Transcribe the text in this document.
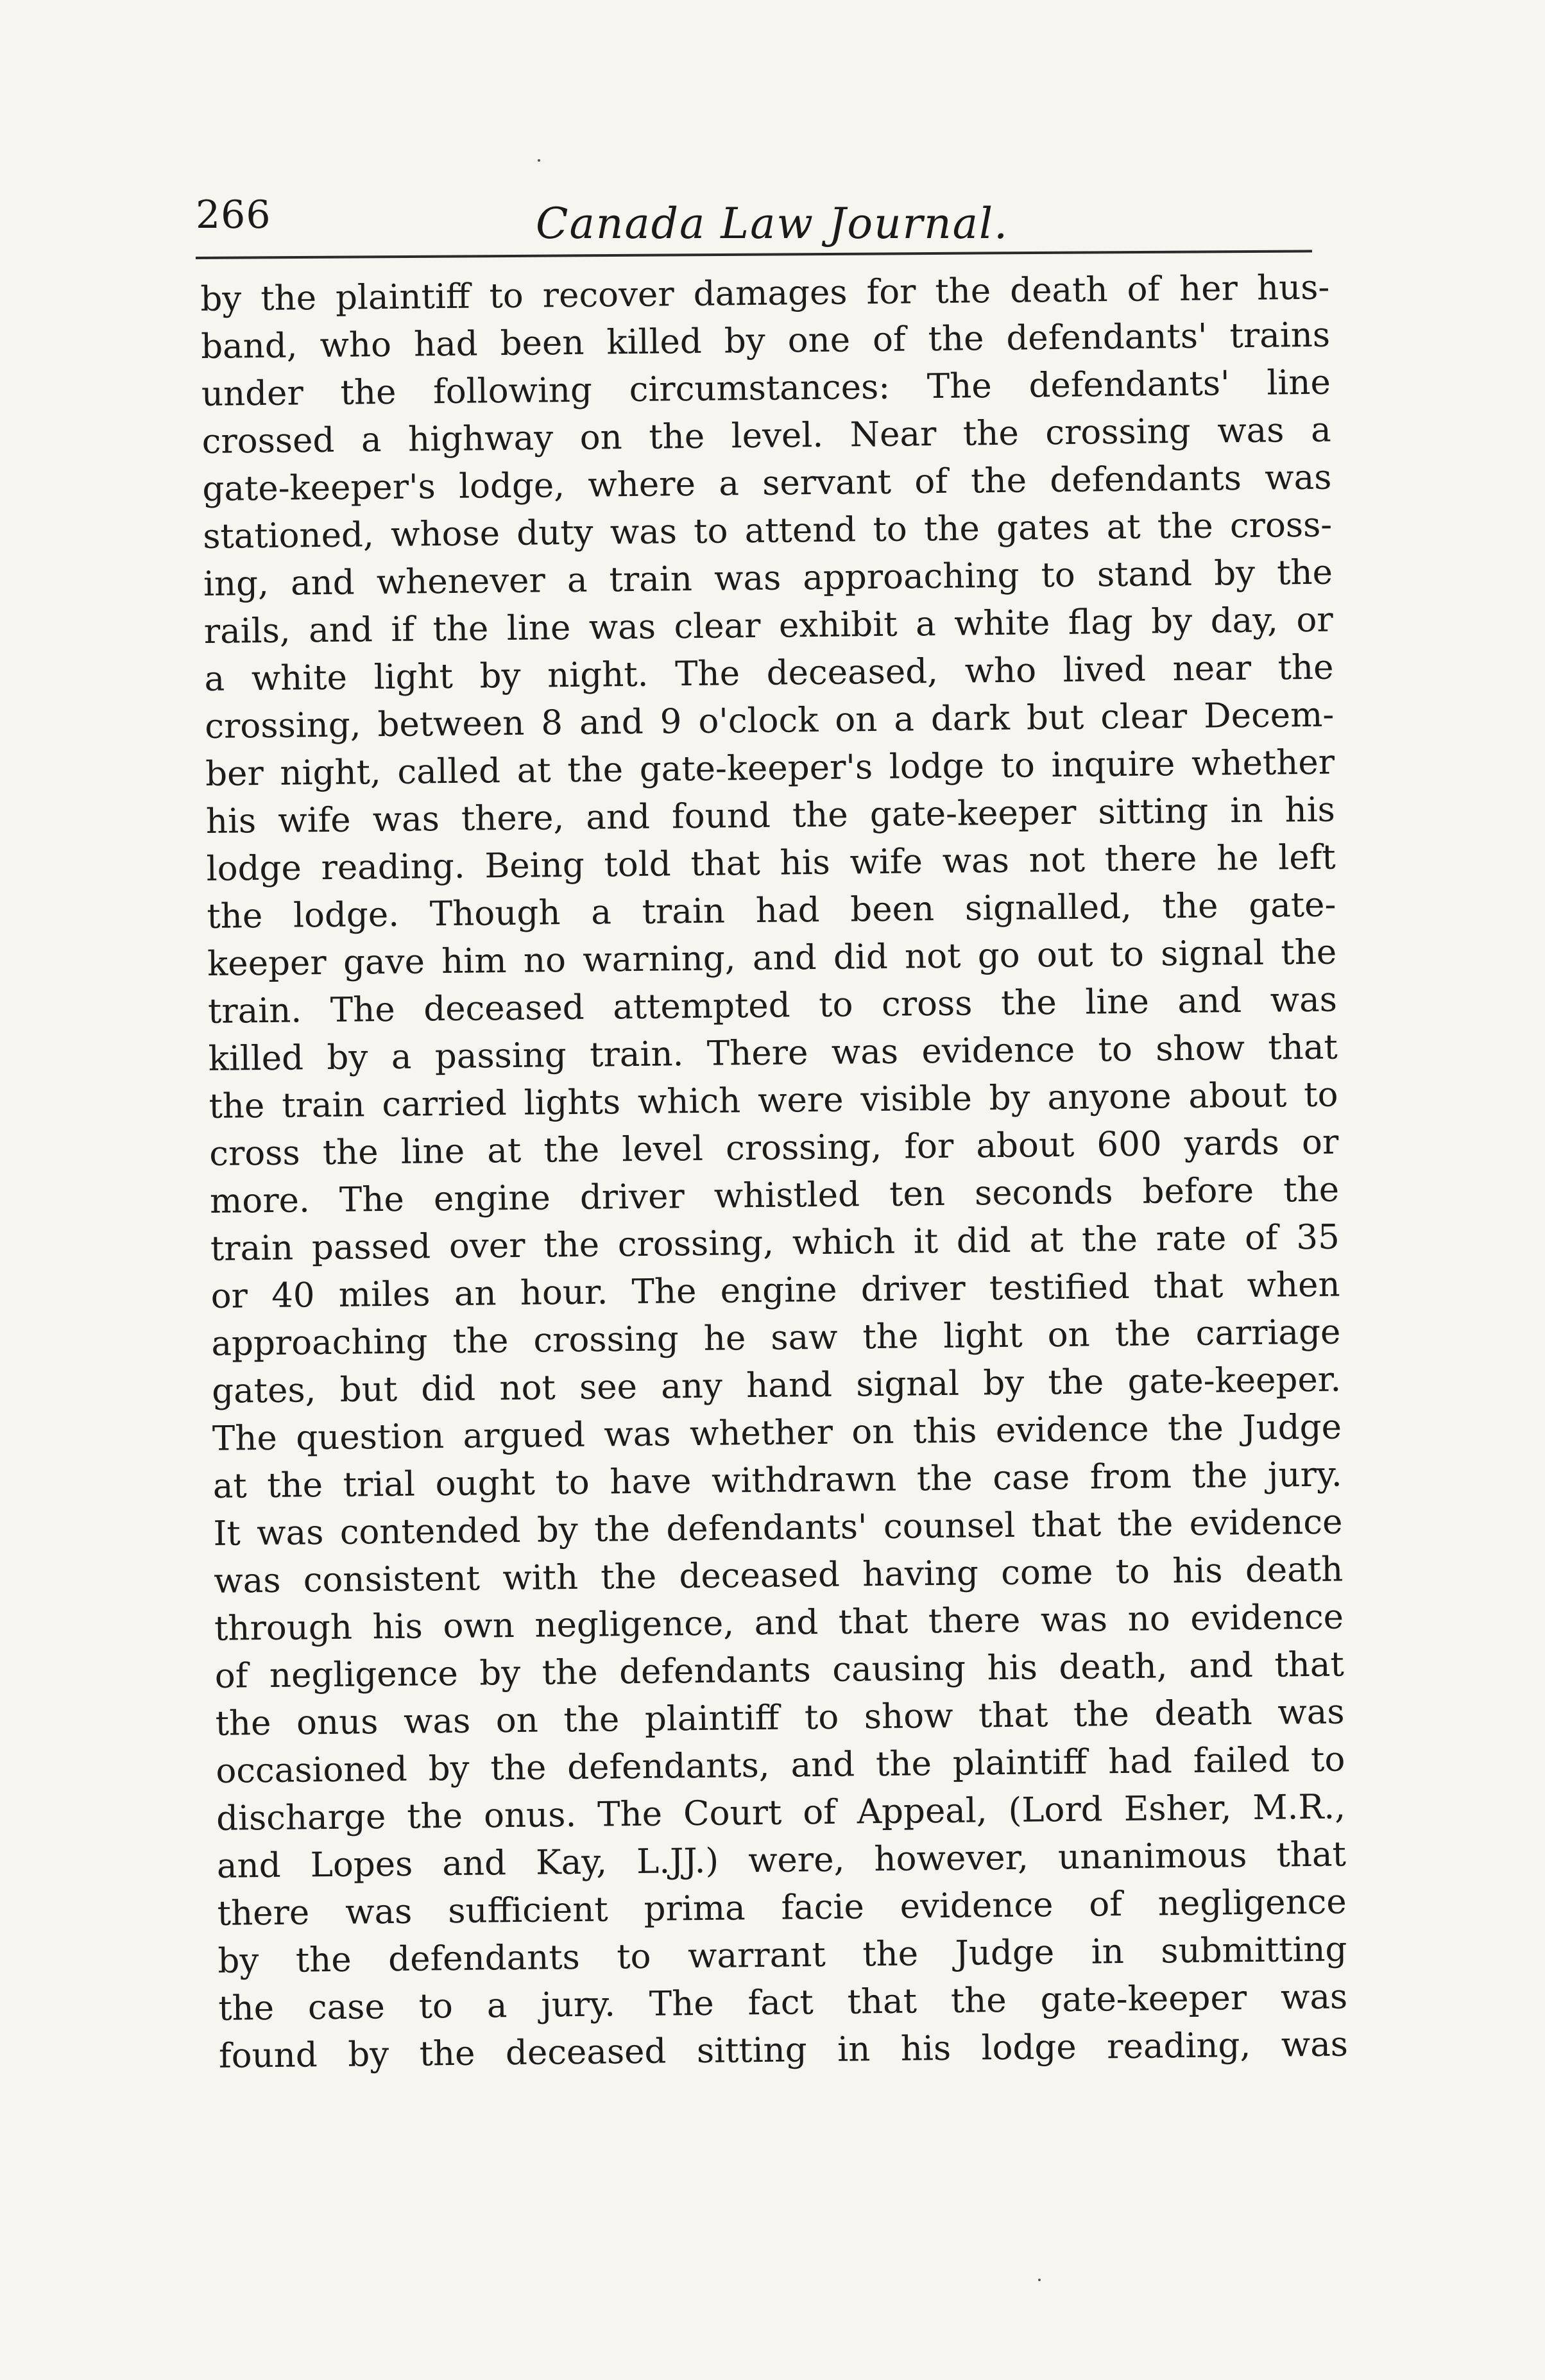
266	Canada Law Journal.
by the plaintiff to recover damages for the death of her hus-
band, who had been killed by one of the defendants' trains
under the following circumstances: The defendants' line
crossed a highway on the level. Near the crossing was a
gate-keeper's lodge, where a servant of the defendants was
stationed, whose duty was to attend to the gates at the cross-
ing, and whenever a train was approaching to stand by the
rails, and if the line was clear exhibit a white flag by day, or
a white light by night. The deceased, who lived near the
crossing, between 8 and 9 o'clock on a dark but clear Decem-
ber night, called at the gate-keeper's lodge to inquire whether
his wife was there, and found the gate-keeper sitting in his
lodge reading. Being told that his wife was not there he left
the lodge. Though a train had been signalled, the gate-
keeper gave him no warning, and did not go out to signal the
train. The deceased attempted to cross the line and was
killed by a passing train. There was evidence to show that
the train carried lights which were visible by anyone about to
cross the line at the level crossing, for about 600 yards or
more. The engine driver whistled ten seconds before the
train passed over the crossing, which it did at the rate of 35
or 40 miles an hour. The engine driver testified that when
approaching the crossing he saw the light on the carriage
gates, but did not see any hand signal by the gate-keeper.
The question argued was whether on this evidence the Judge
at the trial ought to have withdrawn the case from the jury.
It was contended by the defendants' counsel that the evidence
was consistent with the deceased having come to his death
through his own negligence, and that there was no evidence
of negligence by the defendants causing his death, and that
the onus was on the plaintiff to show that the death was
occasioned by the defendants, and the plaintiff had failed to
discharge the onus. The Court of Appeal, (Lord Esher, M.R.,
and Lopes and Kay, L.JJ.) were, however, unanimous that
there was sufficient prima facie evidence of negligence
by the defendants to warrant the Judge in submitting
the case to a jury. The fact that the gate-keeper was
found by the deceased sitting in his lodge reading, was
